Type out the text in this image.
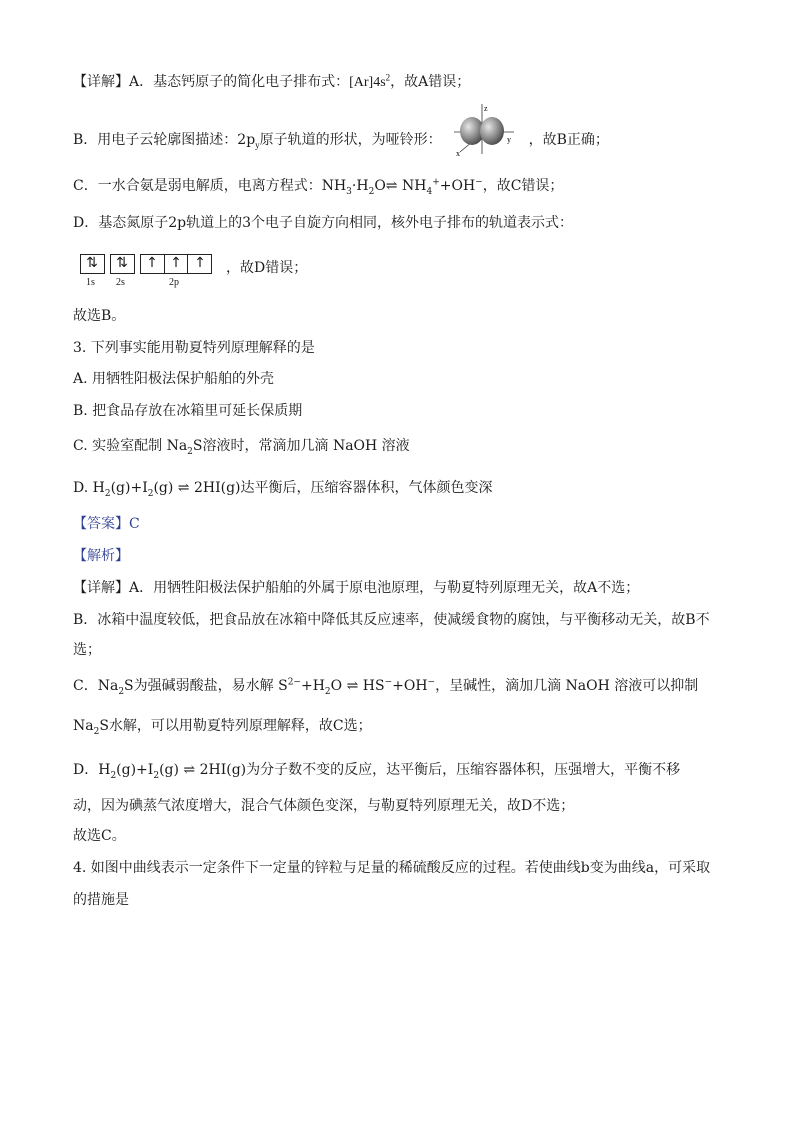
【详解】A．基态钙原子的简化电子排布式：$[Ar]4s^2$，故A错误；
B．用电子云轮廓图描述：$2p_y$原子轨道的形状，为哑铃形：
z
y
x
，故B正确；
C．一水合氨是弱电解质，电离方程式：$NH_3\cdot H_2O\rightleftharpoons$ $NH_4^++OH^-$，故C错误；
D．基态氮原子2p轨道上的3个电子自旋方向相同，核外电子排布的轨道表示式：
⇅	⇅	↑ ↑ ↑
1s 2s	2p
，故D错误；
故选B。
3. 下列事实能用勒夏特列原理解释的是
A. 用牺牲阳极法保护船舶的外壳
B. 把食品存放在冰箱里可延长保质期
C. 实验室配制 $Na_2S$溶液时，常滴加几滴 NaOH 溶液
D. $H_2(g)+I_2(g)$ ⇌ 2HI(g)达平衡后，压缩容器体积，气体颜色变深
【答案】C
【解析】
【详解】A．用牺牲阳极法保护船舶的外属于原电池原理，与勒夏特列原理无关，故A不选；
B．冰箱中温度较低，把食品放在冰箱中降低其反应速率，使减缓食物的腐蚀，与平衡移动无关，故B不
选；
C．$Na_2S$为强碱弱酸盐，易水解 $S^{2-}+H_2O$ ⇌ HS−+OH−，呈碱性，滴加几滴 NaOH 溶液可以抑制
$Na_2S$水解，可以用勒夏特列原理解释，故C选；
D．$H_2(g)+I_2(g)$ ⇌ 2HI(g)为分子数不变的反应，达平衡后，压缩容器体积，压强增大，平衡不移
动，因为碘蒸气浓度增大，混合气体颜色变深，与勒夏特列原理无关，故D不选；
故选C。
4. 如图中曲线表示一定条件下一定量的锌粒与足量的稀硫酸反应的过程。若使曲线b变为曲线a，可采取
的措施是
